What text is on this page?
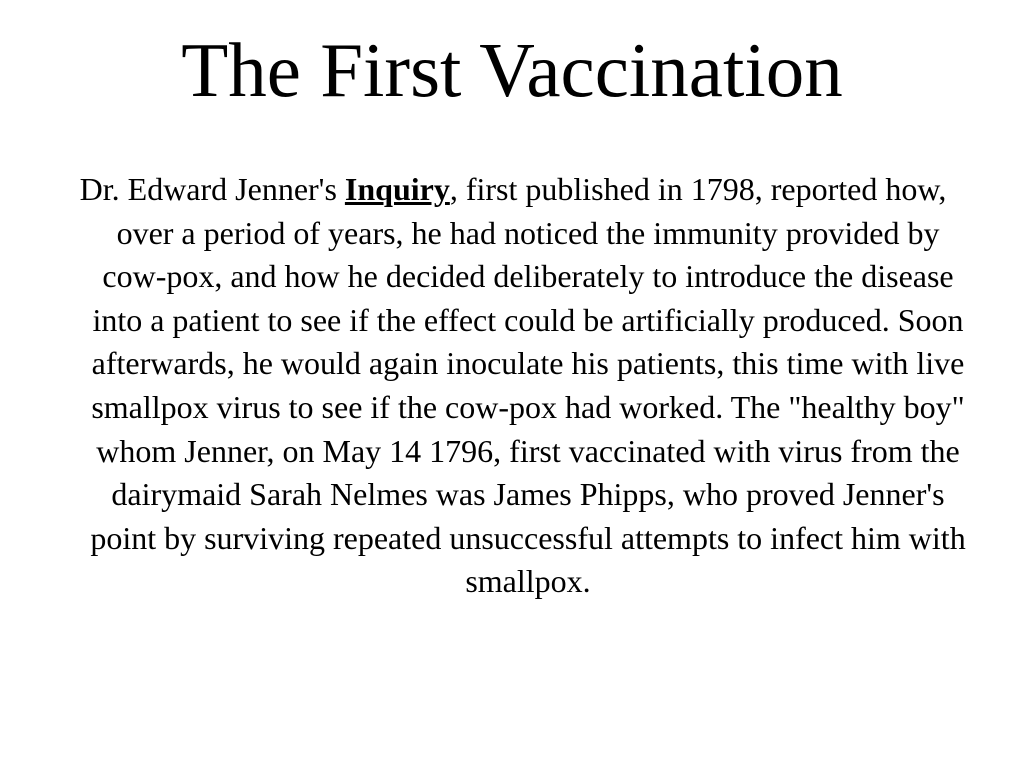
The First Vaccination

Dr. Edward Jenner's Inquiry, first published in 1798, reported how, over a period of years, he had noticed the immunity provided by cow-pox, and how he decided deliberately to introduce the disease into a patient to see if the effect could be artificially produced. Soon afterwards, he would again inoculate his patients, this time with live smallpox virus to see if the cow-pox had worked. The "healthy boy" whom Jenner, on May 14 1796, first vaccinated with virus from the dairymaid Sarah Nelmes was James Phipps, who proved Jenner's point by surviving repeated unsuccessful attempts to infect him with smallpox.
